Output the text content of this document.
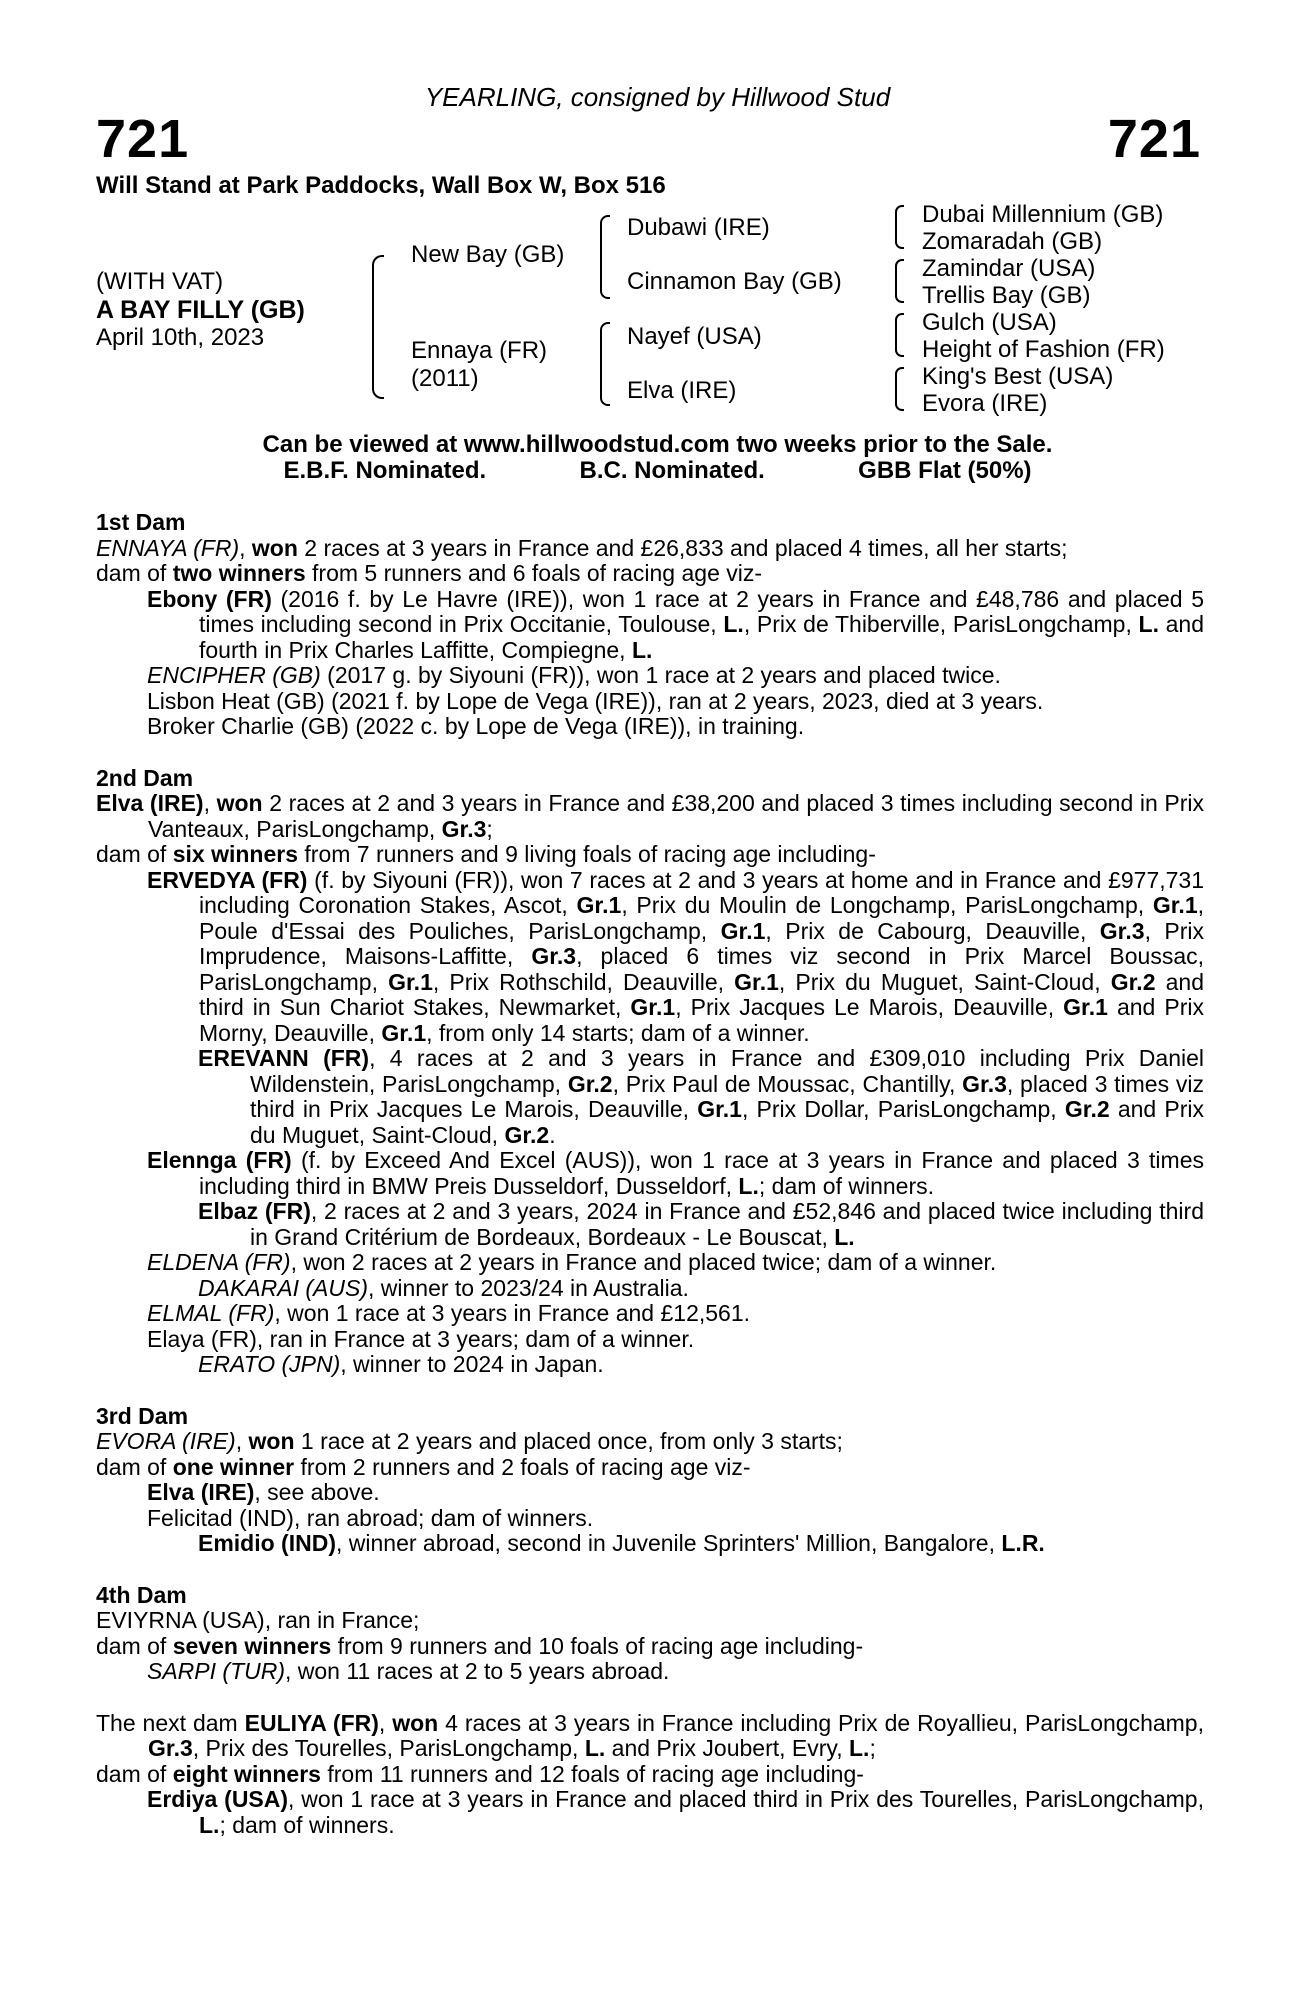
YEARLING, consigned by Hillwood Stud
721	721
Will Stand at Park Paddocks, Wall Box W, Box 516
(WITH VAT)
A BAY FILLY (GB)
April 10th, 2023
New Bay (GB)
Ennaya (FR)
(2011)
Dubawi (IRE)
Cinnamon Bay (GB)
Nayef (USA)
Elva (IRE)
Dubai Millennium (GB)
Zomaradah (GB)
Zamindar (USA)
Trellis Bay (GB)
Gulch (USA)
Height of Fashion (FR)
King's Best (USA)
Evora (IRE)
Can be viewed at www.hillwoodstud.com two weeks prior to the Sale.
E.B.F. Nominated.	B.C. Nominated.	GBB Flat (50%)
1st Dam
ENNAYA (FR), won 2 races at 3 years in France and £26,833 and placed 4 times, all her starts;
dam of two winners from 5 runners and 6 foals of racing age viz-
Ebony (FR) (2016 f. by Le Havre (IRE)), won 1 race at 2 years in France and £48,786 and placed 5 times including second in Prix Occitanie, Toulouse, L., Prix de Thiberville, ParisLongchamp, L. and fourth in Prix Charles Laffitte, Compiegne, L.
ENCIPHER (GB) (2017 g. by Siyouni (FR)), won 1 race at 2 years and placed twice.
Lisbon Heat (GB) (2021 f. by Lope de Vega (IRE)), ran at 2 years, 2023, died at 3 years.
Broker Charlie (GB) (2022 c. by Lope de Vega (IRE)), in training.
2nd Dam
Elva (IRE), won 2 races at 2 and 3 years in France and £38,200 and placed 3 times including second in Prix Vanteaux, ParisLongchamp, Gr.3;
dam of six winners from 7 runners and 9 living foals of racing age including-
ERVEDYA (FR) (f. by Siyouni (FR)), won 7 races at 2 and 3 years at home and in France and £977,731 including Coronation Stakes, Ascot, Gr.1, Prix du Moulin de Longchamp, ParisLongchamp, Gr.1, Poule d'Essai des Pouliches, ParisLongchamp, Gr.1, Prix de Cabourg, Deauville, Gr.3, Prix Imprudence, Maisons-Laffitte, Gr.3, placed 6 times viz second in Prix Marcel Boussac, ParisLongchamp, Gr.1, Prix Rothschild, Deauville, Gr.1, Prix du Muguet, Saint-Cloud, Gr.2 and third in Sun Chariot Stakes, Newmarket, Gr.1, Prix Jacques Le Marois, Deauville, Gr.1 and Prix Morny, Deauville, Gr.1, from only 14 starts; dam of a winner.
EREVANN (FR), 4 races at 2 and 3 years in France and £309,010 including Prix Daniel Wildenstein, ParisLongchamp, Gr.2, Prix Paul de Moussac, Chantilly, Gr.3, placed 3 times viz third in Prix Jacques Le Marois, Deauville, Gr.1, Prix Dollar, ParisLongchamp, Gr.2 and Prix du Muguet, Saint-Cloud, Gr.2.
Elennga (FR) (f. by Exceed And Excel (AUS)), won 1 race at 3 years in France and placed 3 times including third in BMW Preis Dusseldorf, Dusseldorf, L.; dam of winners.
Elbaz (FR), 2 races at 2 and 3 years, 2024 in France and £52,846 and placed twice including third in Grand Critérium de Bordeaux, Bordeaux - Le Bouscat, L.
ELDENA (FR), won 2 races at 2 years in France and placed twice; dam of a winner.
DAKARAI (AUS), winner to 2023/24 in Australia.
ELMAL (FR), won 1 race at 3 years in France and £12,561.
Elaya (FR), ran in France at 3 years; dam of a winner.
ERATO (JPN), winner to 2024 in Japan.
3rd Dam
EVORA (IRE), won 1 race at 2 years and placed once, from only 3 starts;
dam of one winner from 2 runners and 2 foals of racing age viz-
Elva (IRE), see above.
Felicitad (IND), ran abroad; dam of winners.
Emidio (IND), winner abroad, second in Juvenile Sprinters' Million, Bangalore, L.R.
4th Dam
EVIYRNA (USA), ran in France;
dam of seven winners from 9 runners and 10 foals of racing age including-
SARPI (TUR), won 11 races at 2 to 5 years abroad.
The next dam EULIYA (FR), won 4 races at 3 years in France including Prix de Royallieu, ParisLongchamp, Gr.3, Prix des Tourelles, ParisLongchamp, L. and Prix Joubert, Evry, L.;
dam of eight winners from 11 runners and 12 foals of racing age including-
Erdiya (USA), won 1 race at 3 years in France and placed third in Prix des Tourelles, ParisLongchamp, L.; dam of winners.
